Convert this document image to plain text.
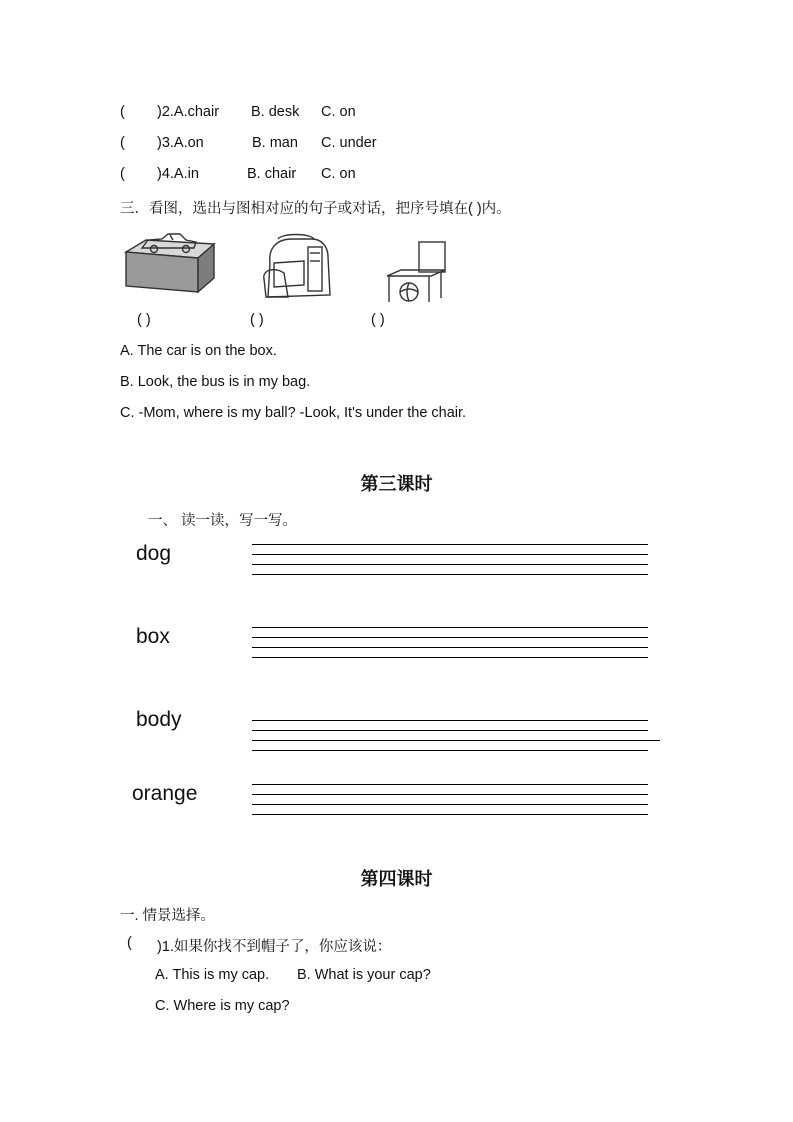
( )2.A.chair B. desk C. on
( )3.A.on	B. man C. under
( )4.A.in	B. chair C. on
三．看图，选出与图相对应的句子或对话，把序号填在( )内。
( )	( )	( )
A. The car is on the box.
B. Look, the bus is in my bag.
C. -Mom, where is my ball? -Look, It's under the chair.
第三课时
一、 读一读，写一写。
dog
box
body
orange
第四课时
一. 情景选择。
( )1.如果你找不到帽子了，你应该说：
A. This is my cap. B. What is your cap?
C. Where is my cap?
